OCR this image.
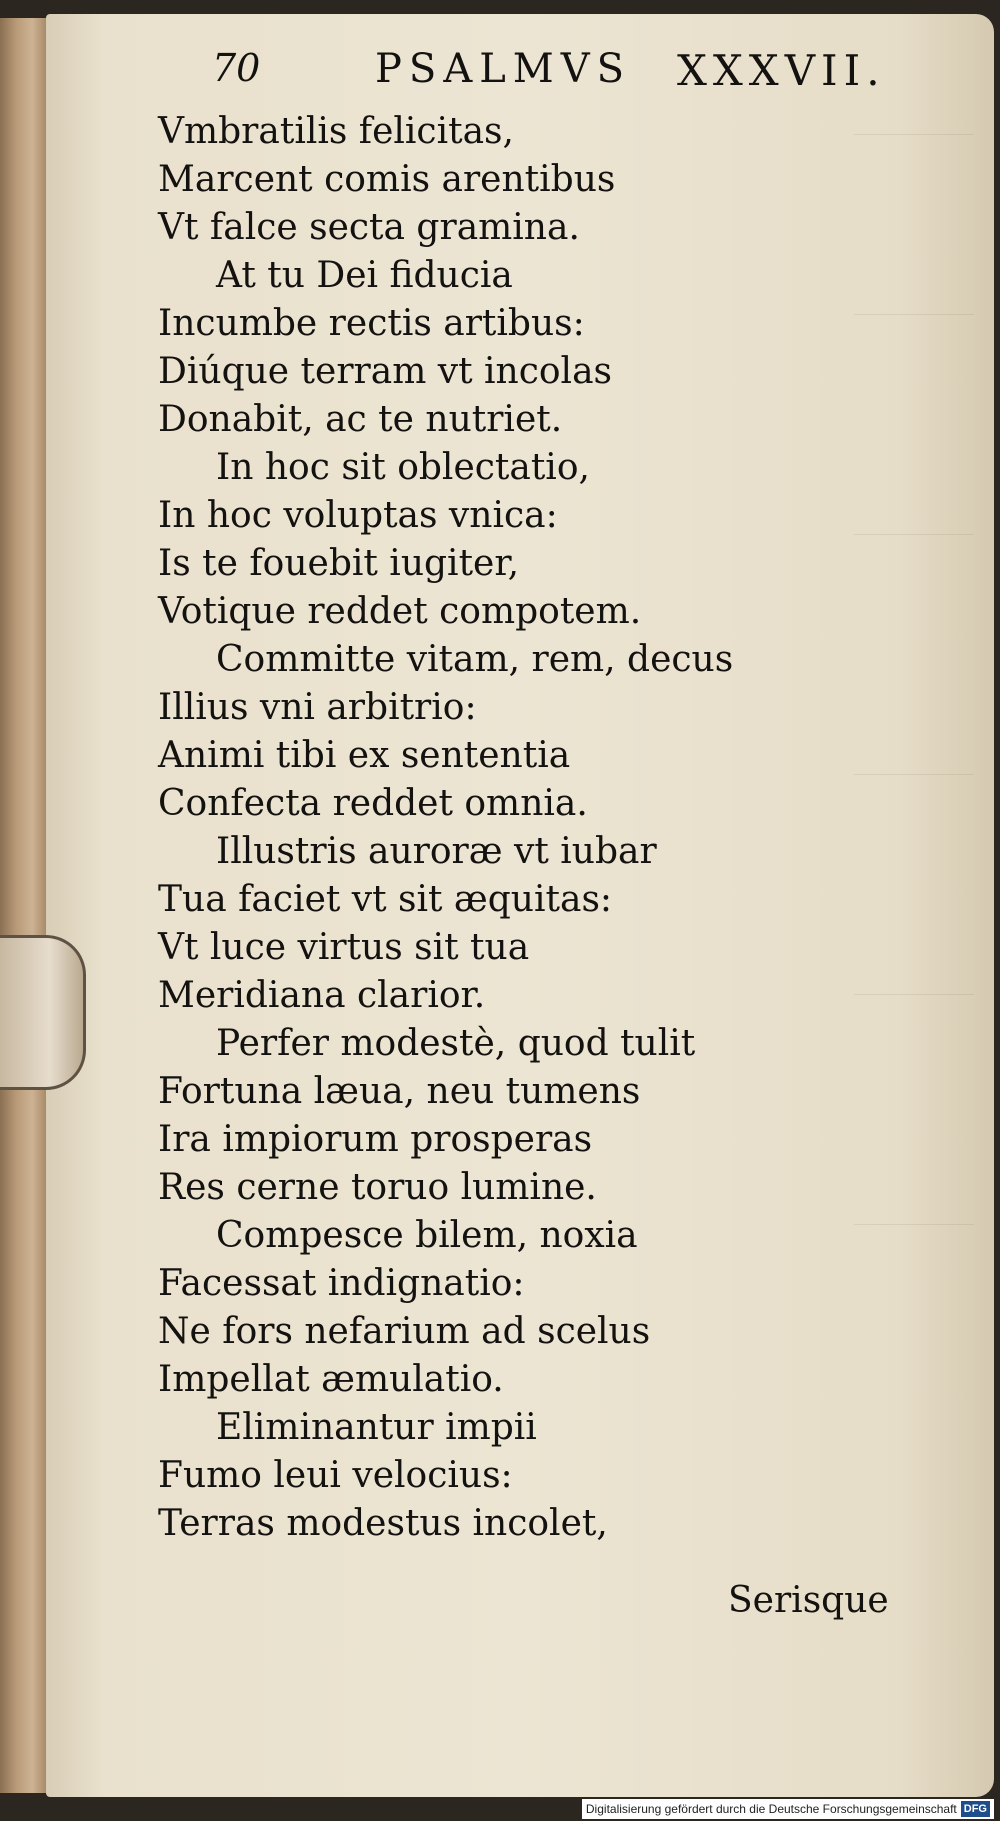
70	PSALMVS XXXVII.
Vmbratilis felicitas,
Marcent comis arentibus
Vt falce secta gramina.
At tu Dei fiducia
Incumbe rectis artibus:
Diúque terram vt incolas
Donabit, ac te nutriet.
In hoc sit oblectatio,
In hoc voluptas vnica:
Is te fouebit iugiter,
Votique reddet compotem.
Committe vitam, rem, decus
Illius vni arbitrio:
Animi tibi ex sententia
Confecta reddet omnia.
Illustris auroræ vt iubar
Tua faciet vt sit æquitas:
Vt luce virtus sit tua
Meridiana clarior.
Perfer modestè, quod tulit
Fortuna læua, neu tumens
Ira impiorum prosperas
Res cerne toruo lumine.
Compesce bilem, noxia
Facessat indignatio:
Ne fors nefarium ad scelus
Impellat æmulatio.
Eliminantur impii
Fumo leui velocius:
Terras modestus incolet,
Serisque
Digitalisierung gefördert durch die Deutsche Forschungsgemeinschaft DFG
